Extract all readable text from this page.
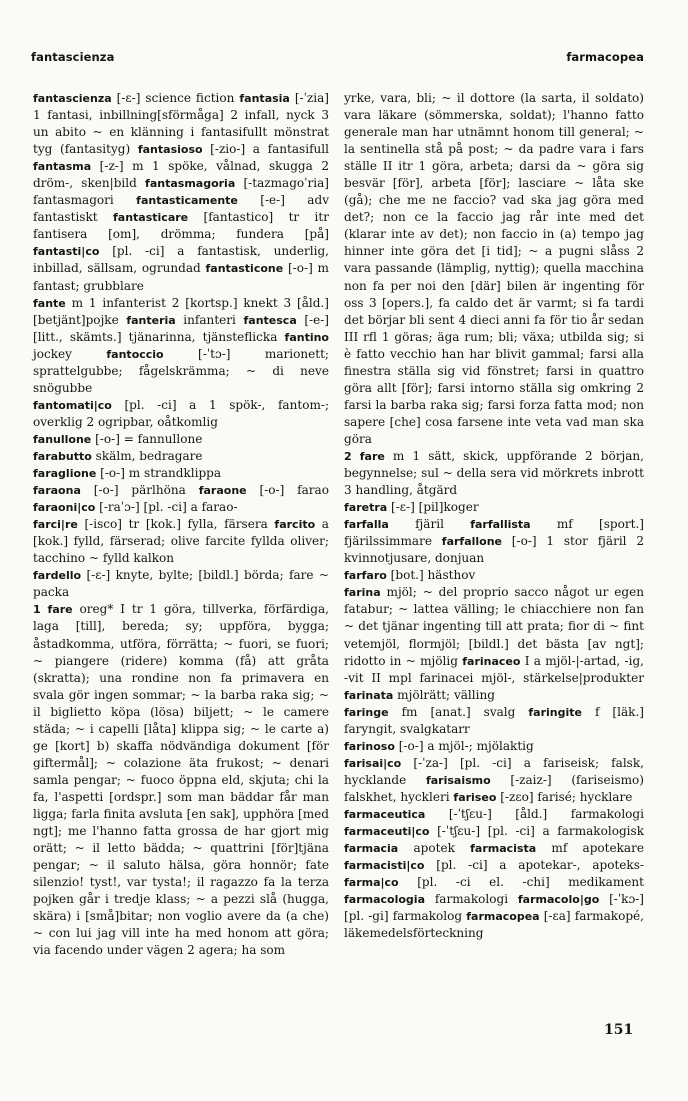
fantascienza	farmacopea

fantascienza [-ɛ-] science fiction fantasia [-ˈzia] 1 fantasi, inbillning[sförmåga] 2 infall, nyck 3 un abito ~ en klänning i fantasifullt mönstrat tyg (fantasityg) fantasioso [-zio-] a fantasifull fantasma [-z-] m 1 spöke, vålnad, skugga 2 dröm-, sken|bild fantasmagoria [-tazmagoˈria] fantasmagori fantasticamente [-e-] adv fantastiskt fantasticare [fantastico] tr itr fantisera [om], drömma; fundera [på] fantasti|co [pl. -ci] a fantastisk, underlig, inbillad, sällsam, ogrundad fantasticone [-o-] m fantast; grubblare

fante m 1 infanterist 2 [kortsp.] knekt 3 [åld.] [betjänt]pojke fanteria infanteri fantesca [-e-] [litt., skämts.] tjänarinna, tjänsteflicka fantino jockey fantoccio [-ˈtɔ-] marionett; sprattelgubbe; fågelskrämma; ~ di neve snögubbe

fantomati|co [pl. -ci] a 1 spök-, fantom-; overklig 2 ogripbar, oåtkomlig

fanullone [-o-] = fannullone

farabutto skälm, bedragare

faraglione [-o-] m strandklippa

faraona [-o-] pärlhöna faraone [-o-] farao faraoni|co [-raˈɔ-] [pl. -ci] a farao-

farci|re [-isco] tr [kok.] fylla, färsera farcito a [kok.] fylld, färserad; olive farcite fyllda oliver; tacchino ~ fylld kalkon

fardello [-ɛ-] knyte, bylte; [bildl.] börda; fare ~ packa

1 fare oreg* I tr 1 göra, tillverka, förfärdiga, laga [till], bereda; sy; uppföra, bygga; åstadkomma, utföra, förrätta; ~ fuori, se fuori; ~ piangere (ridere) komma (få) att gråta (skratta); una rondine non fa primavera en svala gör ingen sommar; ~ la barba raka sig; ~ il biglietto köpa (lösa) biljett; ~ le camere städa; ~ i capelli [låta] klippa sig; ~ le carte a) ge [kort] b) skaffa nödvändiga dokument [för giftermål]; ~ colazione äta frukost; ~ denari samla pengar; ~ fuoco öppna eld, skjuta; chi la fa, l'aspetti [ordspr.] som man bäddar får man ligga; farla finita avsluta [en sak], upphöra [med ngt]; me l'hanno fatta grossa de har gjort mig orätt; ~ il letto bädda; ~ quattrini [för]tjäna pengar; ~ il saluto hälsa, göra honnör; fate silenzio! tyst!, var tysta!; il ragazzo fa la terza pojken går i tredje klass; ~ a pezzi slå (hugga, skära) i [små]bitar; non voglio avere da (a che) ~ con lui jag vill inte ha med honom att göra; via facendo under vägen 2 agera; ha som

yrke, vara, bli; ~ il dottore (la sarta, il soldato) vara läkare (sömmerska, soldat); l'hanno fatto generale man har utnämnt honom till general; ~ la sentinella stå på post; ~ da padre vara i fars ställe II itr 1 göra, arbeta; darsi da ~ göra sig besvär [för], arbeta [för]; lasciare ~ låta ske (gå); che me ne faccio? vad ska jag göra med det?; non ce la faccio jag rår inte med det (klarar inte av det); non faccio in (a) tempo jag hinner inte göra det [i tid]; ~ a pugni slåss 2 vara passande (lämplig, nyttig); quella macchina non fa per noi den [där] bilen är ingenting för oss 3 [opers.], fa caldo det är varmt; si fa tardi det börjar bli sent 4 dieci anni fa för tio år sedan III rfl 1 göras; äga rum; bli; växa; utbilda sig; si è fatto vecchio han har blivit gammal; farsi alla finestra ställa sig vid fönstret; farsi in quattro göra allt [för]; farsi intorno ställa sig omkring 2 farsi la barba raka sig; farsi forza fatta mod; non sapere [che] cosa farsene inte veta vad man ska göra

2 fare m 1 sätt, skick, uppförande 2 början, begynnelse; sul ~ della sera vid mörkrets inbrott 3 handling, åtgärd

faretra [-ɛ-] [pil]koger

farfalla fjäril farfallista mf [sport.] fjärilssimmare farfallone [-o-] 1 stor fjäril 2 kvinnotjusare, donjuan

farfaro [bot.] hästhov

farina mjöl; ~ del proprio sacco något ur egen fatabur; ~ lattea välling; le chiacchiere non fan ~ det tjänar ingenting till att prata; fior di ~ fint vetemjöl, flormjöl; [bildl.] det bästa [av ngt]; ridotto in ~ mjölig farinaceo I a mjöl-|-artad, -ig, -vit II mpl farinacei mjöl-, stärkelse|produkter farinata mjölrätt; välling

faringe fm [anat.] svalg faringite f [läk.] faryngit, svalgkatarr

farinoso [-o-] a mjöl-; mjölaktig

farisai|co [-ˈza-] [pl. -ci] a fariseisk; falsk, hycklande farisaismo [-zaiz-] (fariseismo) falskhet, hyckleri fariseo [-zɛo] farisé; hycklare

farmaceutica [-ˈtʃɛu-] [åld.] farmakologi farmaceuti|co [-ˈtʃɛu-] [pl. -ci] a farmakologisk farmacia apotek farmacista mf apotekare farmacisti|co [pl. -ci] a apotekar-, apoteks- farma|co [pl. -ci el. -chi] medikament farmacologia farmakologi farmacolo|go [-ˈkɔ-] [pl. -gi] farmakolog farmacopea [-ɛa] farmakopé, läkemedelsförteckning

151
